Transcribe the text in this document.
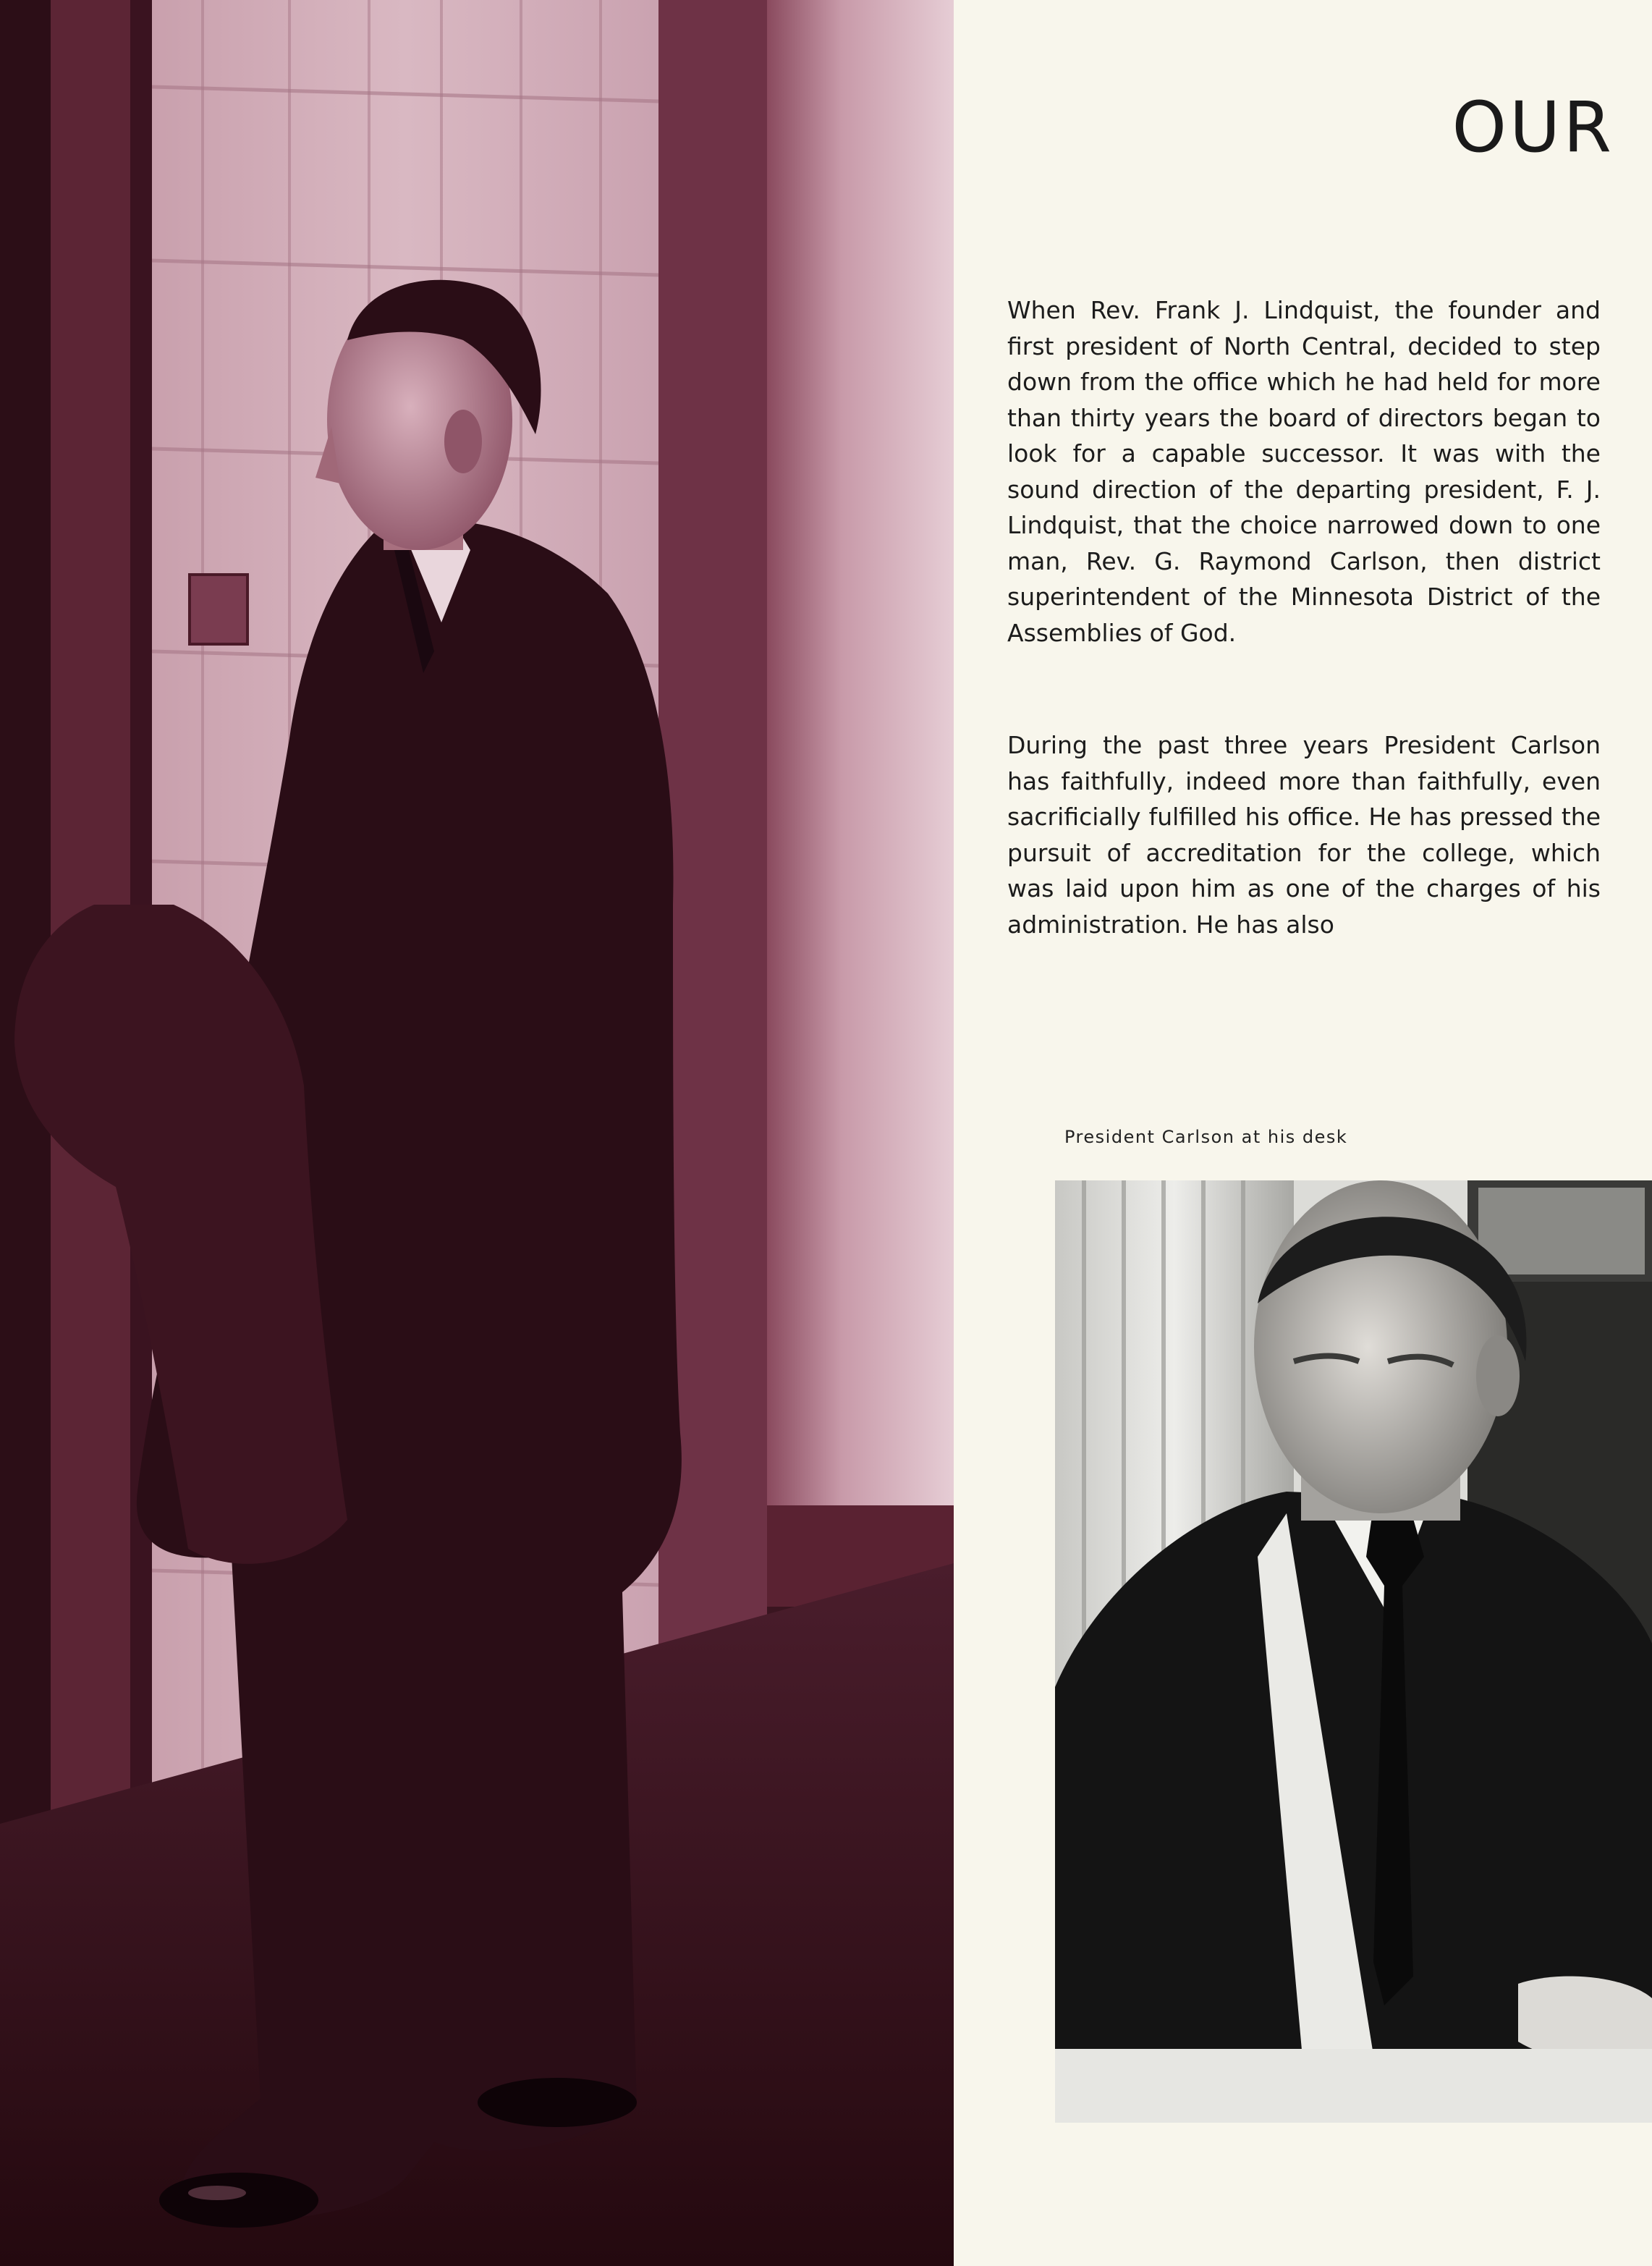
OUR

When Rev. Frank J. Lindquist, the founder and first president of North Central, decided to step down from the office which he had held for more than thirty years the board of directors began to look for a capable successor. It was with the sound direction of the departing president, F. J. Lindquist, that the choice narrowed down to one man, Rev. G. Raymond Carlson, then district superintendent of the Minnesota District of the Assemblies of God.

During the past three years President Carlson has faithfully, indeed more than faithfully, even sacrificially fulfilled his office. He has pressed the pursuit of accreditation for the college, which was laid upon him as one of the charges of his administration. He has also

President Carlson at his desk
